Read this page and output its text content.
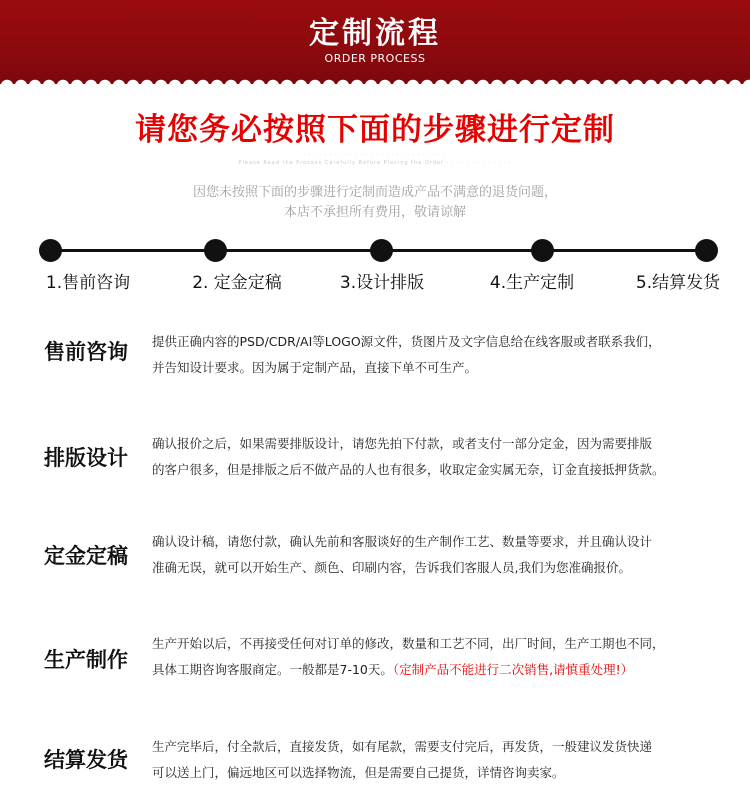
定制流程
ORDER PROCESS
请您务必按照下面的步骤进行定制
· · · · · · · · · · · · · · · · · · · · · · · · · · · ·
Please Read the Process Carefully Before Placing the Order · · · · · · · · · · · · ·
因您未按照下面的步骤进行定制而造成产品不满意的退货问题，
本店不承担所有费用，敬请谅解
1.售前咨询	2. 定金定稿	3.设计排版	4.生产定制	5.结算发货
售前咨询	提供正确内容的PSD/CDR/AI等LOGO源文件，货图片及文字信息给在线客服或者联系我们，

并告知设计要求。因为属于定制产品，直接下单不可生产。

排版设计

确认报价之后，如果需要排版设计，请您先拍下付款，或者支付一部分定金，因为需要排版

的客户很多，但是排版之后不做产品的人也有很多，收取定金实属无奈，订金直接抵押货款。

定金定稿

确认设计稿，请您付款，确认先前和客服谈好的生产制作工艺、数量等要求，并且确认设计

准确无误，就可以开始生产、颜色、印刷内容，告诉我们客服人员,我们为您准确报价。

生产制作

生产开始以后，不再接受任何对订单的修改，数量和工艺不同，出厂时间，生产工期也不同，

具体工期咨询客服商定。一般都是7-10天。（定制产品不能进行二次销售,请慎重处理!）

结算发货

生产完毕后，付全款后，直接发货，如有尾款，需要支付完后，再发货，一般建议发货快递

可以送上门，偏远地区可以选择物流，但是需要自己提货，详情咨询卖家。
